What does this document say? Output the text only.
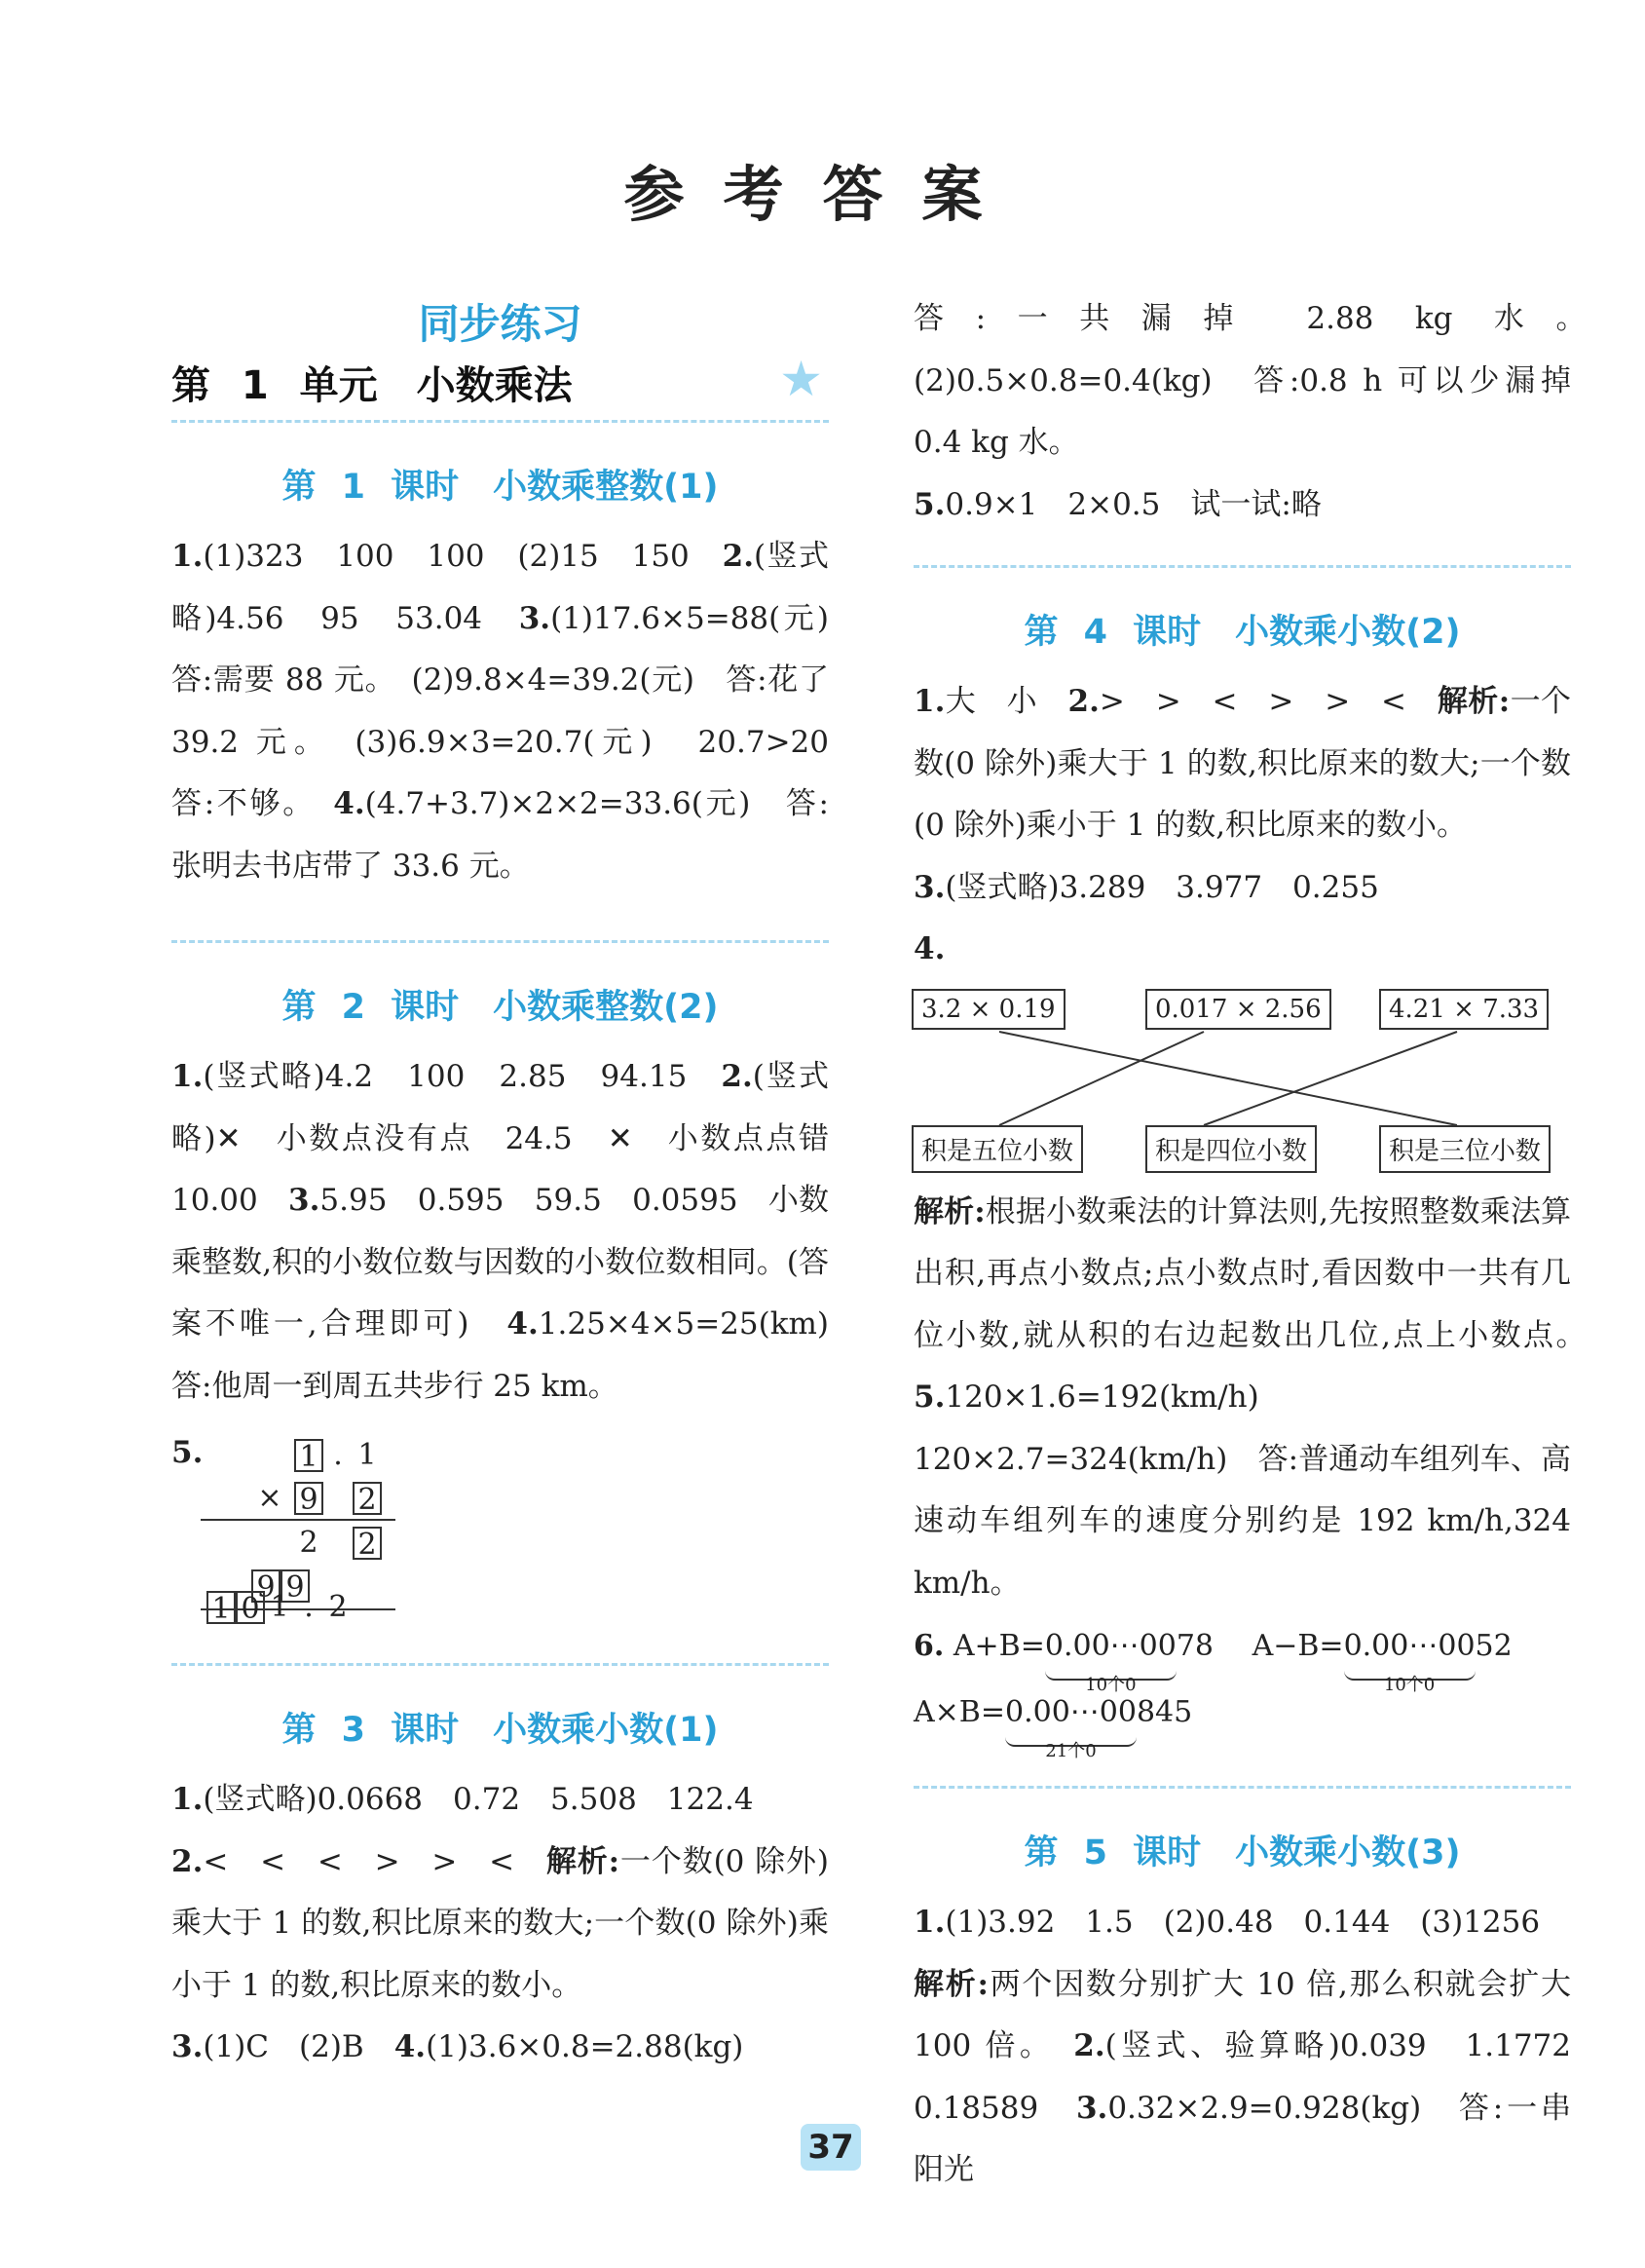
参考答案
同步练习
第 1 单元　小数乘法	★
第 1 课时　小数乘整数(1)

1.(1)323　100　100　(2)15　150　2.(竖式略)4.56　95　53.04　3.(1)17.6×5=88(元)　答:需要 88 元。　(2)9.8×4=39.2(元)　答:花了 39.2 元。　(3)6.9×3=20.7(元)　20.7>20　答:不够。　4.(4.7+3.7)×2×2=33.6(元)　答:张明去书店带了 33.6 元。

第 2 课时　小数乘整数(2)

1.(竖式略)4.2　100　2.85　94.15　2.(竖式略)✕　小数点没有点　24.5　✕　小数点点错　10.00　3.5.95　0.595　59.5　0.0595　小数乘整数,积的小数位数与因数的小数位数相同。(答案不唯一,合理即可)　4.1.25×4×5=25(km)　答:他周一到周五共步行 25 km。

5.	1 . 1
× 9 2
2 2
9 9
1 0 1 . 2
第 3 课时　小数乘小数(1)

1.(竖式略)0.0668　0.72　5.508　122.4
2.<　<　<　>　>　<　解析:一个数(0 除外)乘大于 1 的数,积比原来的数大;一个数(0 除外)乘小于 1 的数,积比原来的数小。
3.(1)C　(2)B　4.(1)3.6×0.8=2.88(kg)

答:一共漏掉 2.88 kg 水。　(2)0.5×0.8=0.4(kg)　答:0.8 h 可以少漏掉 0.4 kg 水。
5.0.9×1　2×0.5　试一试:略

第 4 课时　小数乘小数(2)

1.大　小　2.>　>　<　>　>　<　解析:一个数(0 除外)乘大于 1 的数,积比原来的数大;一个数(0 除外)乘小于 1 的数,积比原来的数小。
3.(竖式略)3.289　3.977　0.255
4.

3.2 × 0.19	0.017 × 2.56	4.21 × 7.33
积是五位小数	积是四位小数	积是三位小数

解析:根据小数乘法的计算法则,先按照整数乘法算出积,再点小数点;点小数点时,看因数中一共有几位小数,就从积的右边起数出几位,点上小数点。　5.120×1.6=192(km/h)　120×2.7=324(km/h)　答:普通动车组列车、高速动车组列车的速度分别约是 192 km/h,324 km/h。

6. A+B=0.00⋯00
10个0
78 　 A−B=0.00⋯00
10个0
52
A×B=0.00⋯00
21个0
845
第 5 课时　小数乘小数(3)

1.(1)3.92　1.5　(2)0.48　0.144　(3)1256
解析:两个因数分别扩大 10 倍,那么积就会扩大 100 倍。　2.(竖式、验算略)0.039　1.1772　0.18589　3.0.32×2.9=0.928(kg)　答:一串阳光

37
